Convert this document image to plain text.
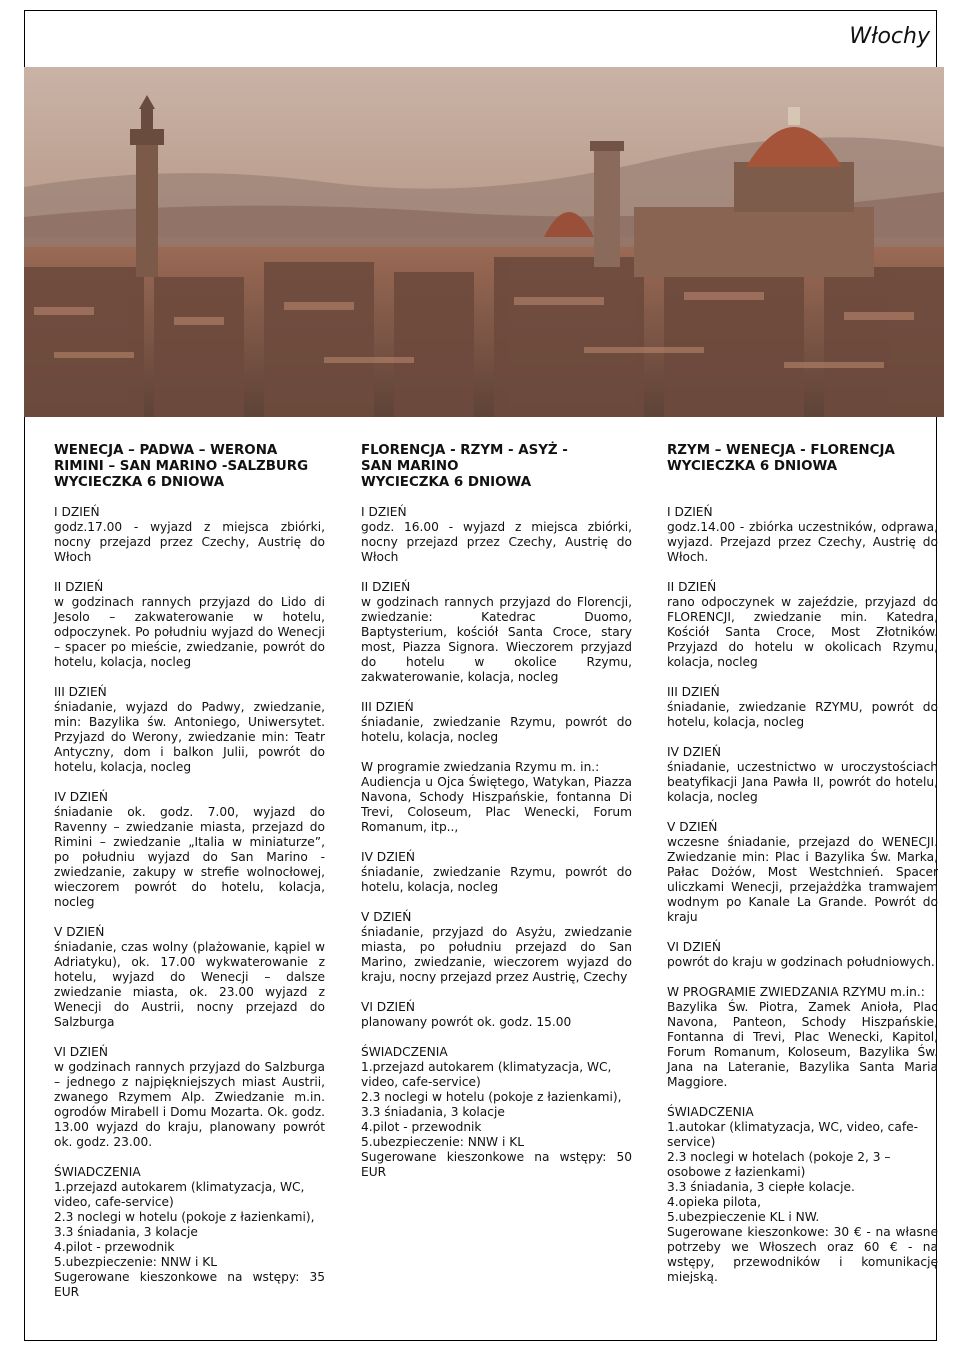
Włochy
WENECJA – PADWA – WERONA
RIMINI – SAN MARINO -SALZBURG
WYCIECZKA 6 DNIOWA
I DZIEŃ
godz.17.00 - wyjazd z miejsca zbiórki, nocny przejazd przez Czechy, Austrię do Włoch
II DZIEŃ
w godzinach rannych przyjazd do Lido di Jesolo – zakwaterowanie w hotelu, odpoczynek. Po południu wyjazd do Wenecji – spacer po mieście, zwiedzanie, powrót do hotelu, kolacja, nocleg
III DZIEŃ
śniadanie, wyjazd do Padwy, zwiedzanie, min: Bazylika św. Antoniego, Uniwersytet. Przyjazd do Werony, zwiedzanie min: Teatr Antyczny, dom i balkon Julii, powrót do hotelu, kolacja, nocleg
IV DZIEŃ
śniadanie ok. godz. 7.00, wyjazd do Ravenny – zwiedzanie miasta, przejazd do Rimini – zwiedzanie „Italia w miniaturze”, po południu wyjazd do San Marino - zwiedzanie, zakupy w strefie wolnocłowej, wieczorem powrót do hotelu, kolacja, nocleg
V DZIEŃ
śniadanie, czas wolny (plażowanie, kąpiel w Adriatyku), ok. 17.00 wykwaterowanie z hotelu, wyjazd do Wenecji – dalsze zwiedzanie miasta, ok. 23.00 wyjazd z Wenecji do Austrii, nocny przejazd do Salzburga
VI DZIEŃ
w godzinach rannych przyjazd do Salzburga – jednego z najpiękniejszych miast Austrii, zwanego Rzymem Alp. Zwiedzanie m.in. ogrodów Mirabell i Domu Mozarta. Ok. godz. 13.00 wyjazd do kraju, planowany powrót ok. godz. 23.00.
ŚWIADCZENIA
1.przejazd autokarem (klimatyzacja, WC, video, cafe-service)
2.3 noclegi w hotelu (pokoje z łazienkami),
3.3 śniadania, 3 kolacje
4.pilot - przewodnik
5.ubezpieczenie: NNW i KL
Sugerowane kieszonkowe na wstępy: 35 EUR
FLORENCJA - RZYM - ASYŻ -
SAN MARINO
WYCIECZKA 6 DNIOWA
I DZIEŃ
godz. 16.00 - wyjazd z miejsca zbiórki, nocny przejazd przez Czechy, Austrię do Włoch
II DZIEŃ
w godzinach rannych przyjazd do Florencji, zwiedzanie: Katedrac Duomo, Baptysterium, kościół Santa Croce, stary most, Piazza Signora. Wieczorem przyjazd do hotelu w okolice Rzymu, zakwaterowanie, kolacja, nocleg
III DZIEŃ
śniadanie, zwiedzanie Rzymu, powrót do hotelu, kolacja, nocleg
W programie zwiedzania Rzymu m. in.:
Audiencja u Ojca Świętego, Watykan, Piazza Navona, Schody Hiszpańskie, fontanna Di Trevi, Coloseum, Plac Wenecki, Forum Romanum, itp..,
IV DZIEŃ
śniadanie, zwiedzanie Rzymu, powrót do hotelu, kolacja, nocleg
V DZIEŃ
śniadanie, przyjazd do Asyżu, zwiedzanie miasta, po południu przejazd do San Marino, zwiedzanie, wieczorem wyjazd do kraju, nocny przejazd przez Austrię, Czechy
VI DZIEŃ
planowany powrót ok. godz. 15.00
ŚWIADCZENIA
1.przejazd autokarem (klimatyzacja, WC, video, cafe-service)
2.3 noclegi w hotelu (pokoje z łazienkami),
3.3 śniadania, 3 kolacje
4.pilot - przewodnik
5.ubezpieczenie: NNW i KL
Sugerowane kieszonkowe na wstępy: 50 EUR
RZYM – WENECJA - FLORENCJA
WYCIECZKA 6 DNIOWA
I DZIEŃ
godz.14.00 - zbiórka uczestników, odprawa, wyjazd. Przejazd przez Czechy, Austrię do Włoch.
II DZIEŃ
rano odpoczynek w zajeździe, przyjazd do FLORENCJI, zwiedzanie min. Katedra, Kościół Santa Croce, Most Złotników. Przyjazd do hotelu w okolicach Rzymu, kolacja, nocleg
III DZIEŃ
śniadanie, zwiedzanie RZYMU, powrót do hotelu, kolacja, nocleg
IV DZIEŃ
śniadanie, uczestnictwo w uroczystościach beatyfikacji Jana Pawła II, powrót do hotelu, kolacja, nocleg
V DZIEŃ
wczesne śniadanie, przejazd do WENECJI. Zwiedzanie min: Plac i Bazylika Św. Marka, Pałac Dożów, Most Westchnień. Spacer uliczkami Wenecji, przejażdżka tramwajem wodnym po Kanale La Grande. Powrót do kraju
VI DZIEŃ
powrót do kraju w godzinach południowych.
W PROGRAMIE ZWIEDZANIA RZYMU m.in.:
Bazylika Św. Piotra, Zamek Anioła, Plac Navona, Panteon, Schody Hiszpańskie, Fontanna di Trevi, Plac Wenecki, Kapitol, Forum Romanum, Koloseum, Bazylika Św. Jana na Lateranie, Bazylika Santa Maria Maggiore.
ŚWIADCZENIA
1.autokar (klimatyzacja, WC, video, cafe-service)
2.3 noclegi w hotelach (pokoje 2, 3 – osobowe z łazienkami)
3.3 śniadania, 3 ciepłe kolacje.
4.opieka pilota,
5.ubezpieczenie KL i NW.
Sugerowane kieszonkowe: 30 € - na własne potrzeby we Włoszech oraz 60 € - na wstępy, przewodników i komunikację miejską.
